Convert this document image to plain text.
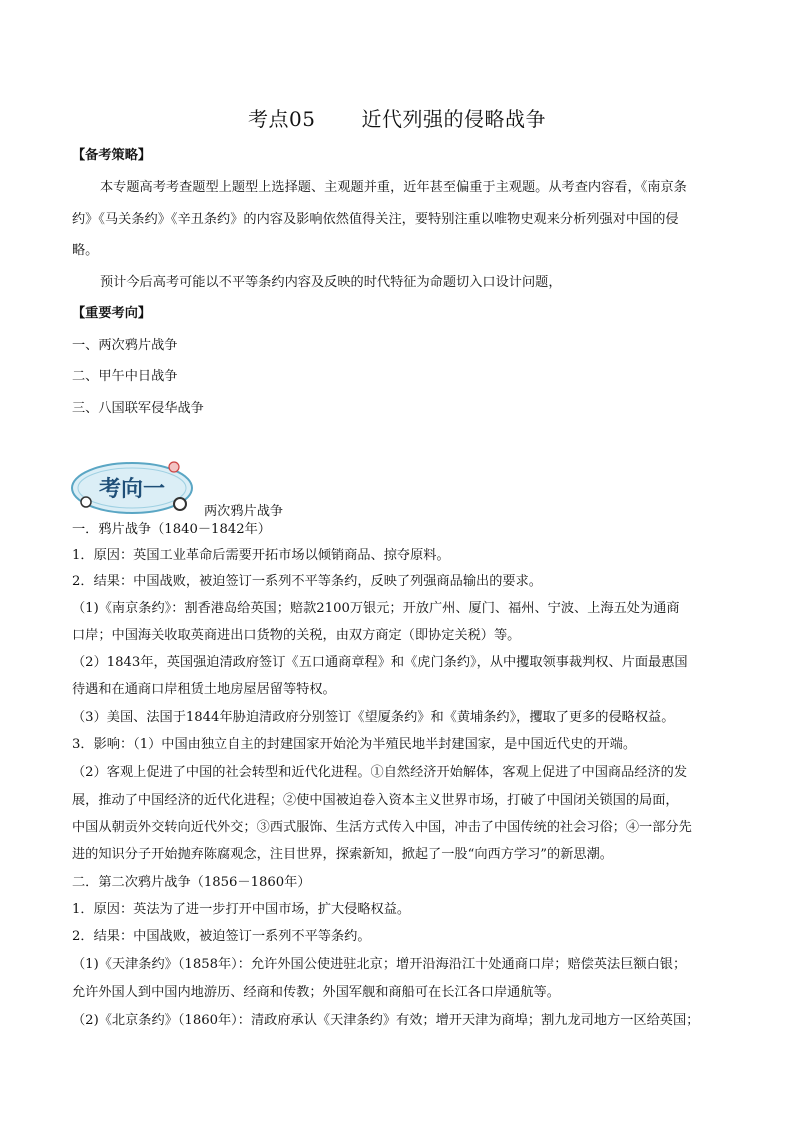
考点05 近代列强的侵略战争
【备考策略】
本专题高考考查题型上题型上选择题、主观题并重，近年甚至偏重于主观题。从考查内容看，《南京条
约》《马关条约》《辛丑条约》的内容及影响依然值得关注，要特别注重以唯物史观来分析列强对中国的侵
略。
预计今后高考可能以不平等条约内容及反映的时代特征为命题切入口设计问题，
【重要考向】
一、两次鸦片战争
二、甲午中日战争
三、八国联军侵华战争
考向一
两次鸦片战争
一．鸦片战争（1840－1842年）
1．原因：英国工业革命后需要开拓市场以倾销商品、掠夺原料。
2．结果：中国战败，被迫签订一系列不平等条约，反映了列强商品输出的要求。
（1)《南京条约》：割香港岛给英国；赔款2100万银元；开放广州、厦门、福州、宁波、上海五处为通商
口岸；中国海关收取英商进出口货物的关税，由双方商定（即协定关税）等。
（2）1843年，英国强迫清政府签订《五口通商章程》和《虎门条约》，从中攫取领事裁判权、片面最惠国
待遇和在通商口岸租赁土地房屋居留等特权。
（3）美国、法国于1844年胁迫清政府分别签订《望厦条约》和《黄埔条约》，攫取了更多的侵略权益。
3．影响：（1）中国由独立自主的封建国家开始沦为半殖民地半封建国家，是中国近代史的开端。
（2）客观上促进了中国的社会转型和近代化进程。①自然经济开始解体，客观上促进了中国商品经济的发
展，推动了中国经济的近代化进程；②使中国被迫卷入资本主义世界市场，打破了中国闭关锁国的局面，
中国从朝贡外交转向近代外交；③西式服饰、生活方式传入中国，冲击了中国传统的社会习俗；④一部分先
进的知识分子开始抛弃陈腐观念，注目世界，探索新知，掀起了一股“向西方学习”的新思潮。
二．第二次鸦片战争（1856－1860年）
1．原因：英法为了进一步打开中国市场，扩大侵略权益。
2．结果：中国战败，被迫签订一系列不平等条约。
（1)《天津条约》（1858年）：允许外国公使进驻北京；增开沿海沿江十处通商口岸；赔偿英法巨额白银；
允许外国人到中国内地游历、经商和传教；外国军舰和商船可在长江各口岸通航等。
（2)《北京条约》（1860年）：清政府承认《天津条约》有效；增开天津为商埠；割九龙司地方一区给英国；
